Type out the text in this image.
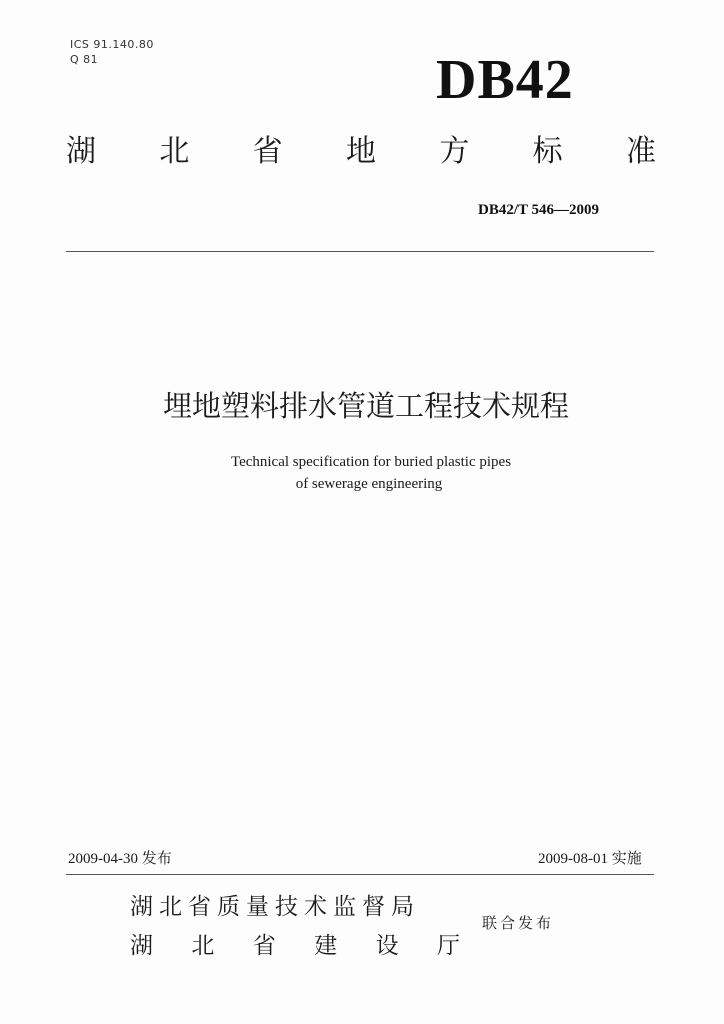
ICS 91.140.80
Q 81	DB42
湖 北 省 地 方 标 准
DB42/T 546—2009
埋地塑料排水管道工程技术规程
Technical specification for buried plastic pipes
of sewerage engineering
2009-04-30 发布	2009-08-01 实施
湖北省质量技术监督局
湖 北 省 建 设 厅
联合发布
